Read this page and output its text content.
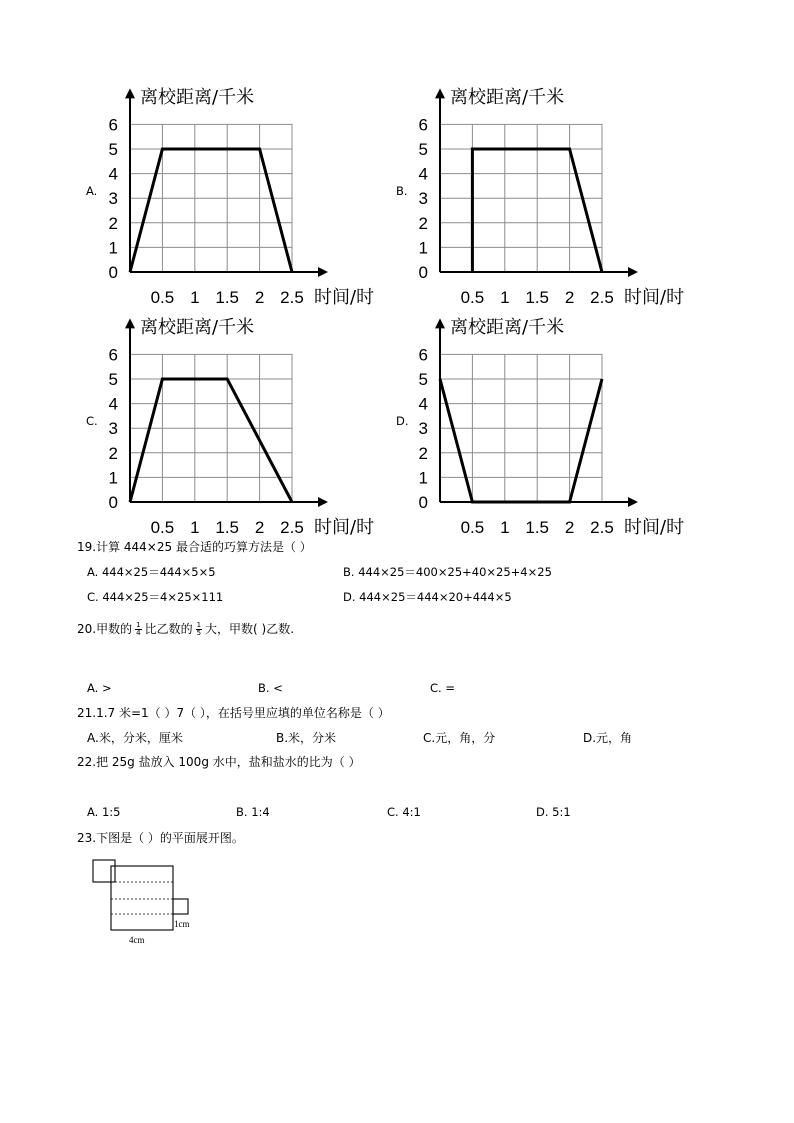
A.	B.
C.	D.
0
1
2
3
4
5
6
0.5 1 1.5 2 2.5
离校距离/千米
时间/时
0
1
2
3
4
5
6
0.5 1 1.5 2 2.5
离校距离/千米
时间/时
0
1
2
3
4
5
6
0.5 1 1.5 2 2.5
离校距离/千米
时间/时
0
1
2
3
4
5
6
0.5 1 1.5 2 2.5
离校距离/千米
时间/时
19.计算 444×25 最合适的巧算方法是（ ）
A. 444×25＝444×5×5	B. 444×25＝400×25+40×25+4×25
C. 444×25＝4×25×111	D. 444×25＝444×20+444×5
20.甲数的 $\frac{1}{4}$ 比乙数的 $\frac{1}{5}$ 大，甲数( )乙数.
A. >	B. <	C. =
21.1.7 米=1（ ）7（ ），在括号里应填的单位名称是（ ）
A.米，分米，厘米	B.米，分米	C.元，角，分	D.元，角
22.把 25g 盐放入 100g 水中，盐和盐水的比为（ ）
A. 1:5	B. 1:4	C. 4:1	D. 5:1
23.下图是（ ）的平面展开图。
1cm
4cm
